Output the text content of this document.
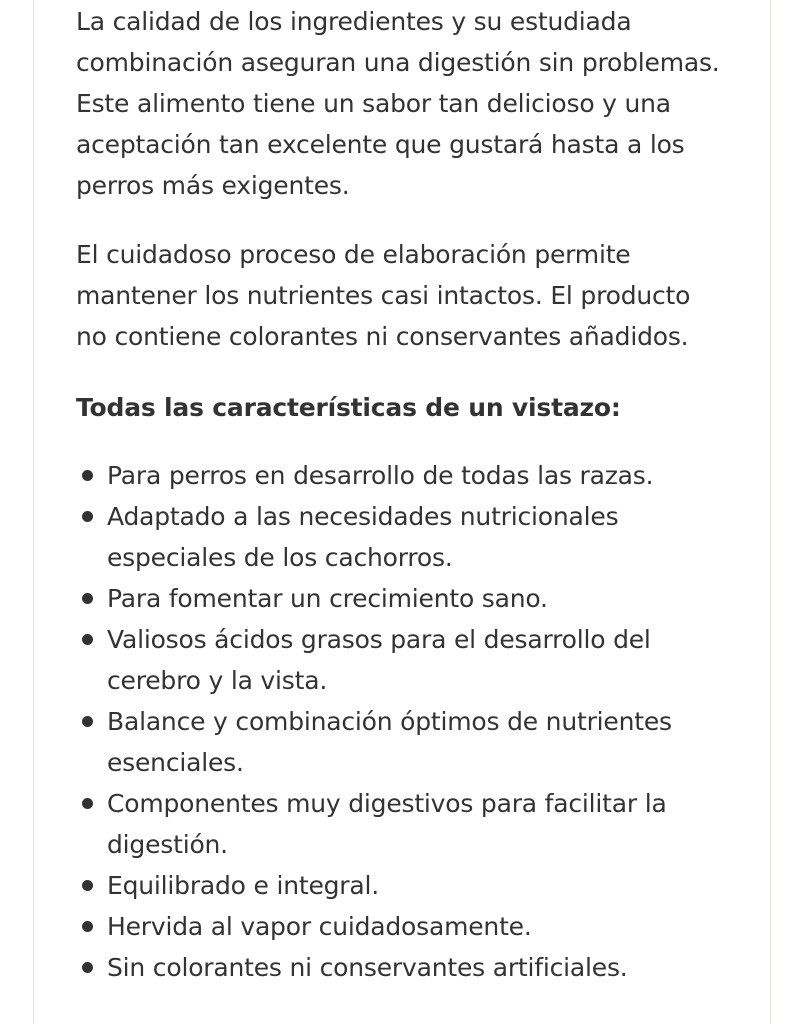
La calidad de los ingredientes y su estudiada combinación aseguran una digestión sin problemas. Este alimento tiene un sabor tan delicioso y una aceptación tan excelente que gustará hasta a los perros más exigentes.

El cuidadoso proceso de elaboración permite mantener los nutrientes casi intactos. El producto no contiene colorantes ni conservantes añadidos.

Todas las características de un vistazo:
Para perros en desarrollo de todas las razas.
Adaptado a las necesidades nutricionales especiales de los cachorros.
Para fomentar un crecimiento sano.
Valiosos ácidos grasos para el desarrollo del cerebro y la vista.
Balance y combinación óptimos de nutrientes esenciales.
Componentes muy digestivos para facilitar la digestión.
Equilibrado e integral.
Hervida al vapor cuidadosamente.
Sin colorantes ni conservantes artificiales.
